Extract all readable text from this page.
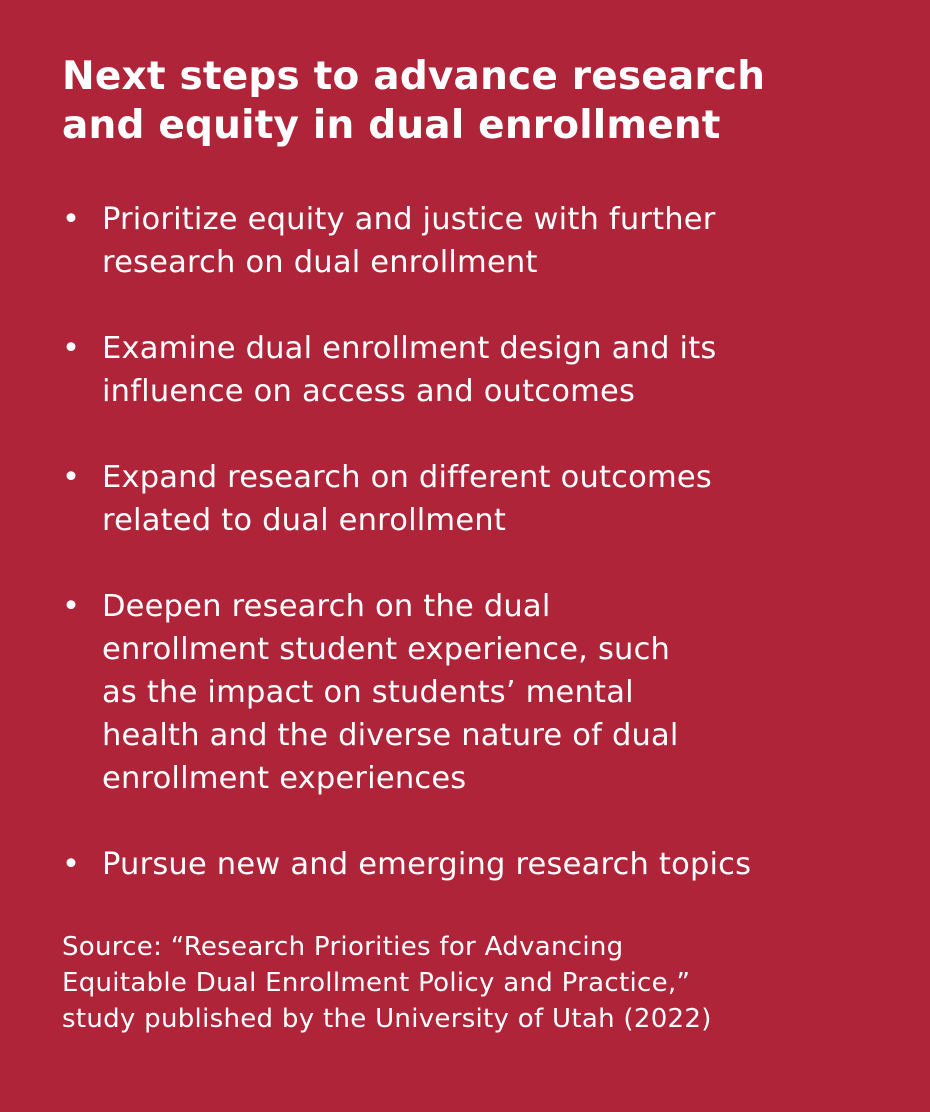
Next steps to advance research
and equity in dual enrollment
• Prioritize equity and justice with further
research on dual enrollment
• Examine dual enrollment design and its
influence on access and outcomes
• Expand research on different outcomes
related to dual enrollment
• Deepen research on the dual
enrollment student experience, such
as the impact on students’ mental
health and the diverse nature of dual
enrollment experiences
• Pursue new and emerging research topics
Source: “Research Priorities for Advancing
Equitable Dual Enrollment Policy and Practice,”
study published by the University of Utah (2022)
